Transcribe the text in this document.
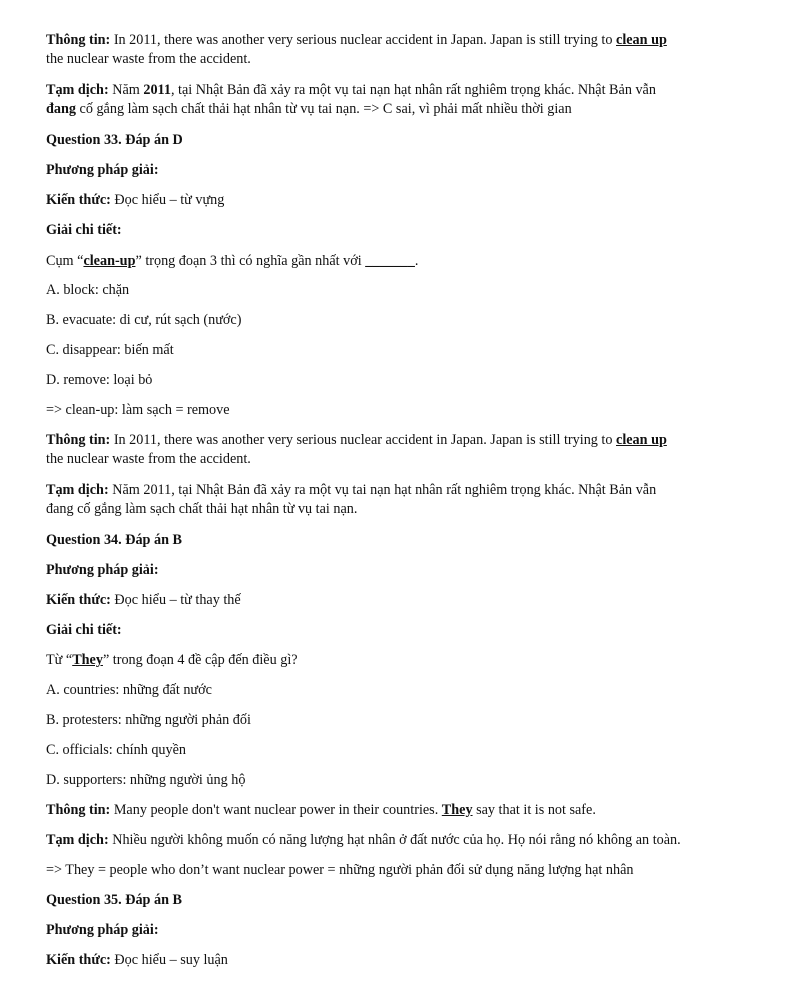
Thông tin: In 2011, there was another very serious nuclear accident in Japan. Japan is still trying to clean up

the nuclear waste from the accident.

Tạm dịch: Năm 2011, tại Nhật Bản đã xảy ra một vụ tai nạn hạt nhân rất nghiêm trọng khác. Nhật Bản vẫn

đang cố gắng làm sạch chất thải hạt nhân từ vụ tai nạn. => C sai, vì phải mất nhiều thời gian

Question 33. Đáp án D

Phương pháp giải:

Kiến thức: Đọc hiểu – từ vựng

Giải chi tiết:

Cụm “clean-up” trọng đoạn 3 thì có nghĩa gần nhất với _______.

A. block: chặn

B. evacuate: di cư, rút sạch (nước)

C. disappear: biến mất

D. remove: loại bỏ

=> clean-up: làm sạch = remove

Thông tin: In 2011, there was another very serious nuclear accident in Japan. Japan is still trying to clean up

the nuclear waste from the accident.

Tạm dịch: Năm 2011, tại Nhật Bản đã xảy ra một vụ tai nạn hạt nhân rất nghiêm trọng khác. Nhật Bản vẫn

đang cố gắng làm sạch chất thải hạt nhân từ vụ tai nạn.

Question 34. Đáp án B

Phương pháp giải:

Kiến thức: Đọc hiểu – từ thay thế

Giải chi tiết:

Từ “They” trong đoạn 4 đề cập đến điều gì?

A. countries: những đất nước

B. protesters: những người phản đối

C. officials: chính quyền

D. supporters: những người ủng hộ

Thông tin: Many people don't want nuclear power in their countries. They say that it is not safe.

Tạm dịch: Nhiều người không muốn có năng lượng hạt nhân ở đất nước của họ. Họ nói rằng nó không an toàn.

=> They = people who don’t want nuclear power = những người phản đối sử dụng năng lượng hạt nhân

Question 35. Đáp án B

Phương pháp giải:

Kiến thức: Đọc hiểu – suy luận
